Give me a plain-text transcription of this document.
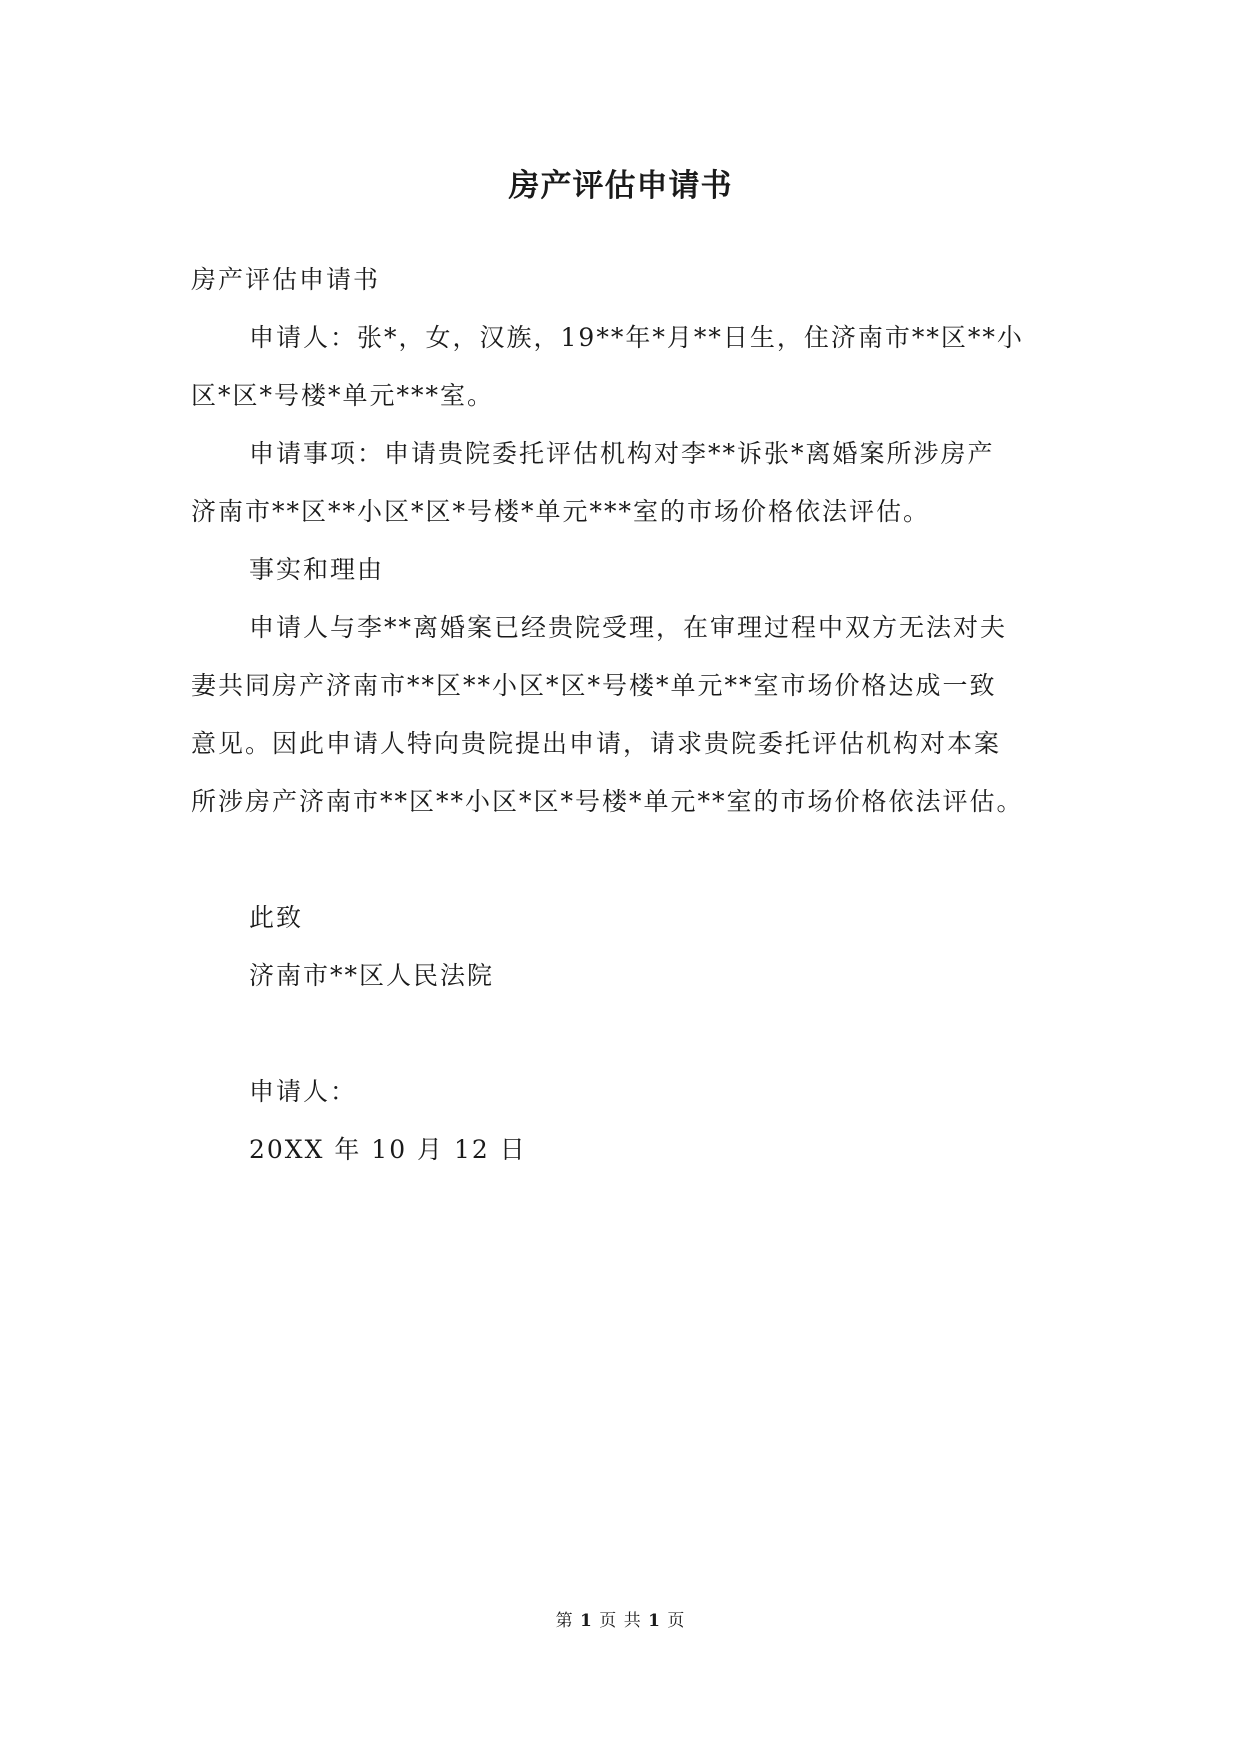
房产评估申请书
房产评估申请书
申请人：张*，女，汉族，19**年*月**日生，住济南市**区**小
区*区*号楼*单元***室。
申请事项：申请贵院委托评估机构对李**诉张*离婚案所涉房产
济南市**区**小区*区*号楼*单元***室的市场价格依法评估。
事实和理由
申请人与李**离婚案已经贵院受理，在审理过程中双方无法对夫
妻共同房产济南市**区**小区*区*号楼*单元**室市场价格达成一致
意见。因此申请人特向贵院提出申请，请求贵院委托评估机构对本案
所涉房产济南市**区**小区*区*号楼*单元**室的市场价格依法评估。
此致
济南市**区人民法院
申请人：
20XX 年 10 月 12 日
第 1 页 共 1 页
